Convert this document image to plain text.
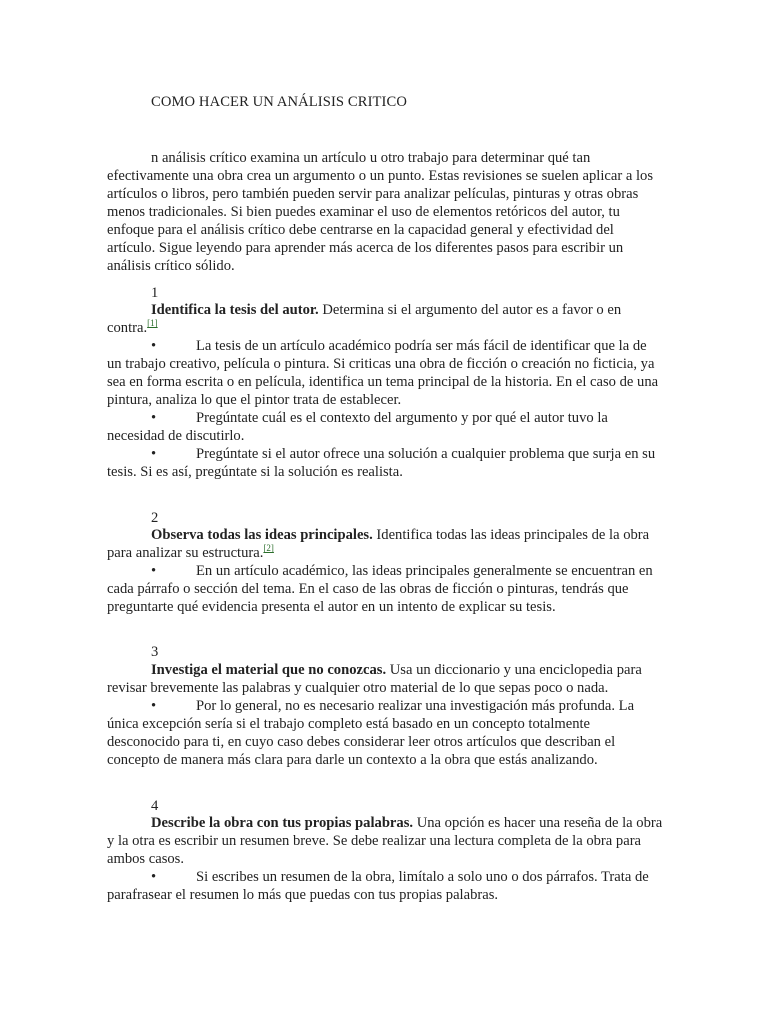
COMO HACER UN ANÁLISIS CRITICO

n análisis crítico examina un artículo u otro trabajo para determinar qué tan efectivamente una obra crea un argumento o un punto. Estas revisiones se suelen aplicar a los artículos o libros, pero también pueden servir para analizar películas, pinturas y otras obras menos tradicionales. Si bien puedes examinar el uso de elementos retóricos del autor, tu enfoque para el análisis crítico debe centrarse en la capacidad general y efectividad del artículo. Sigue leyendo para aprender más acerca de los diferentes pasos para escribir un análisis crítico sólido.

1

Identifica la tesis del autor. Determina si el argumento del autor es a favor o en contra.[1]

•	La tesis de un artículo académico podría ser más fácil de identificar que la de un trabajo creativo, película o pintura. Si criticas una obra de ficción o creación no ficticia, ya sea en forma escrita o en película, identifica un tema principal de la historia. En el caso de una pintura, analiza lo que el pintor trata de establecer.

•	Pregúntate cuál es el contexto del argumento y por qué el autor tuvo la necesidad de discutirlo.

•	Pregúntate si el autor ofrece una solución a cualquier problema que surja en su tesis. Si es así, pregúntate si la solución es realista.

2

Observa todas las ideas principales. Identifica todas las ideas principales de la obra para analizar su estructura.[2]

•	En un artículo académico, las ideas principales generalmente se encuentran en cada párrafo o sección del tema. En el caso de las obras de ficción o pinturas, tendrás que preguntarte qué evidencia presenta el autor en un intento de explicar su tesis.

3

Investiga el material que no conozcas. Usa un diccionario y una enciclopedia para revisar brevemente las palabras y cualquier otro material de lo que sepas poco o nada.

•	Por lo general, no es necesario realizar una investigación más profunda. La única excepción sería si el trabajo completo está basado en un concepto totalmente desconocido para ti, en cuyo caso debes considerar leer otros artículos que describan el concepto de manera más clara para darle un contexto a la obra que estás analizando.

4

Describe la obra con tus propias palabras. Una opción es hacer una reseña de la obra y la otra es escribir un resumen breve. Se debe realizar una lectura completa de la obra para ambos casos.

•	Si escribes un resumen de la obra, limítalo a solo uno o dos párrafos. Trata de parafrasear el resumen lo más que puedas con tus propias palabras.
